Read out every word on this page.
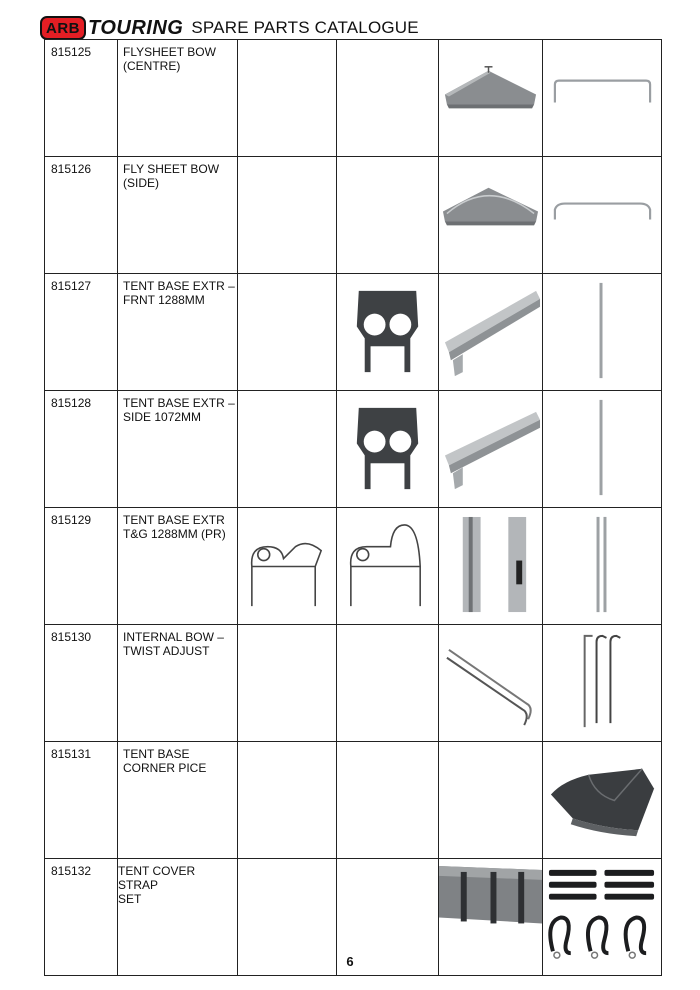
ARB TOURING SPARE PARTS CATALOGUE
815125	FLYSHEET BOW
(CENTRE)

815126	FLY SHEET BOW
(SIDE)

815127	TENT BASE EXTR –
FRNT 1288MM

815128	TENT BASE EXTR –
SIDE 1072MM

815129	TENT BASE EXTR
T&G 1288MM (PR)

815130	INTERNAL BOW –
TWIST ADJUST

815131	TENT BASE
CORNER PICE

815132	TENT COVER STRAP
SET

6
